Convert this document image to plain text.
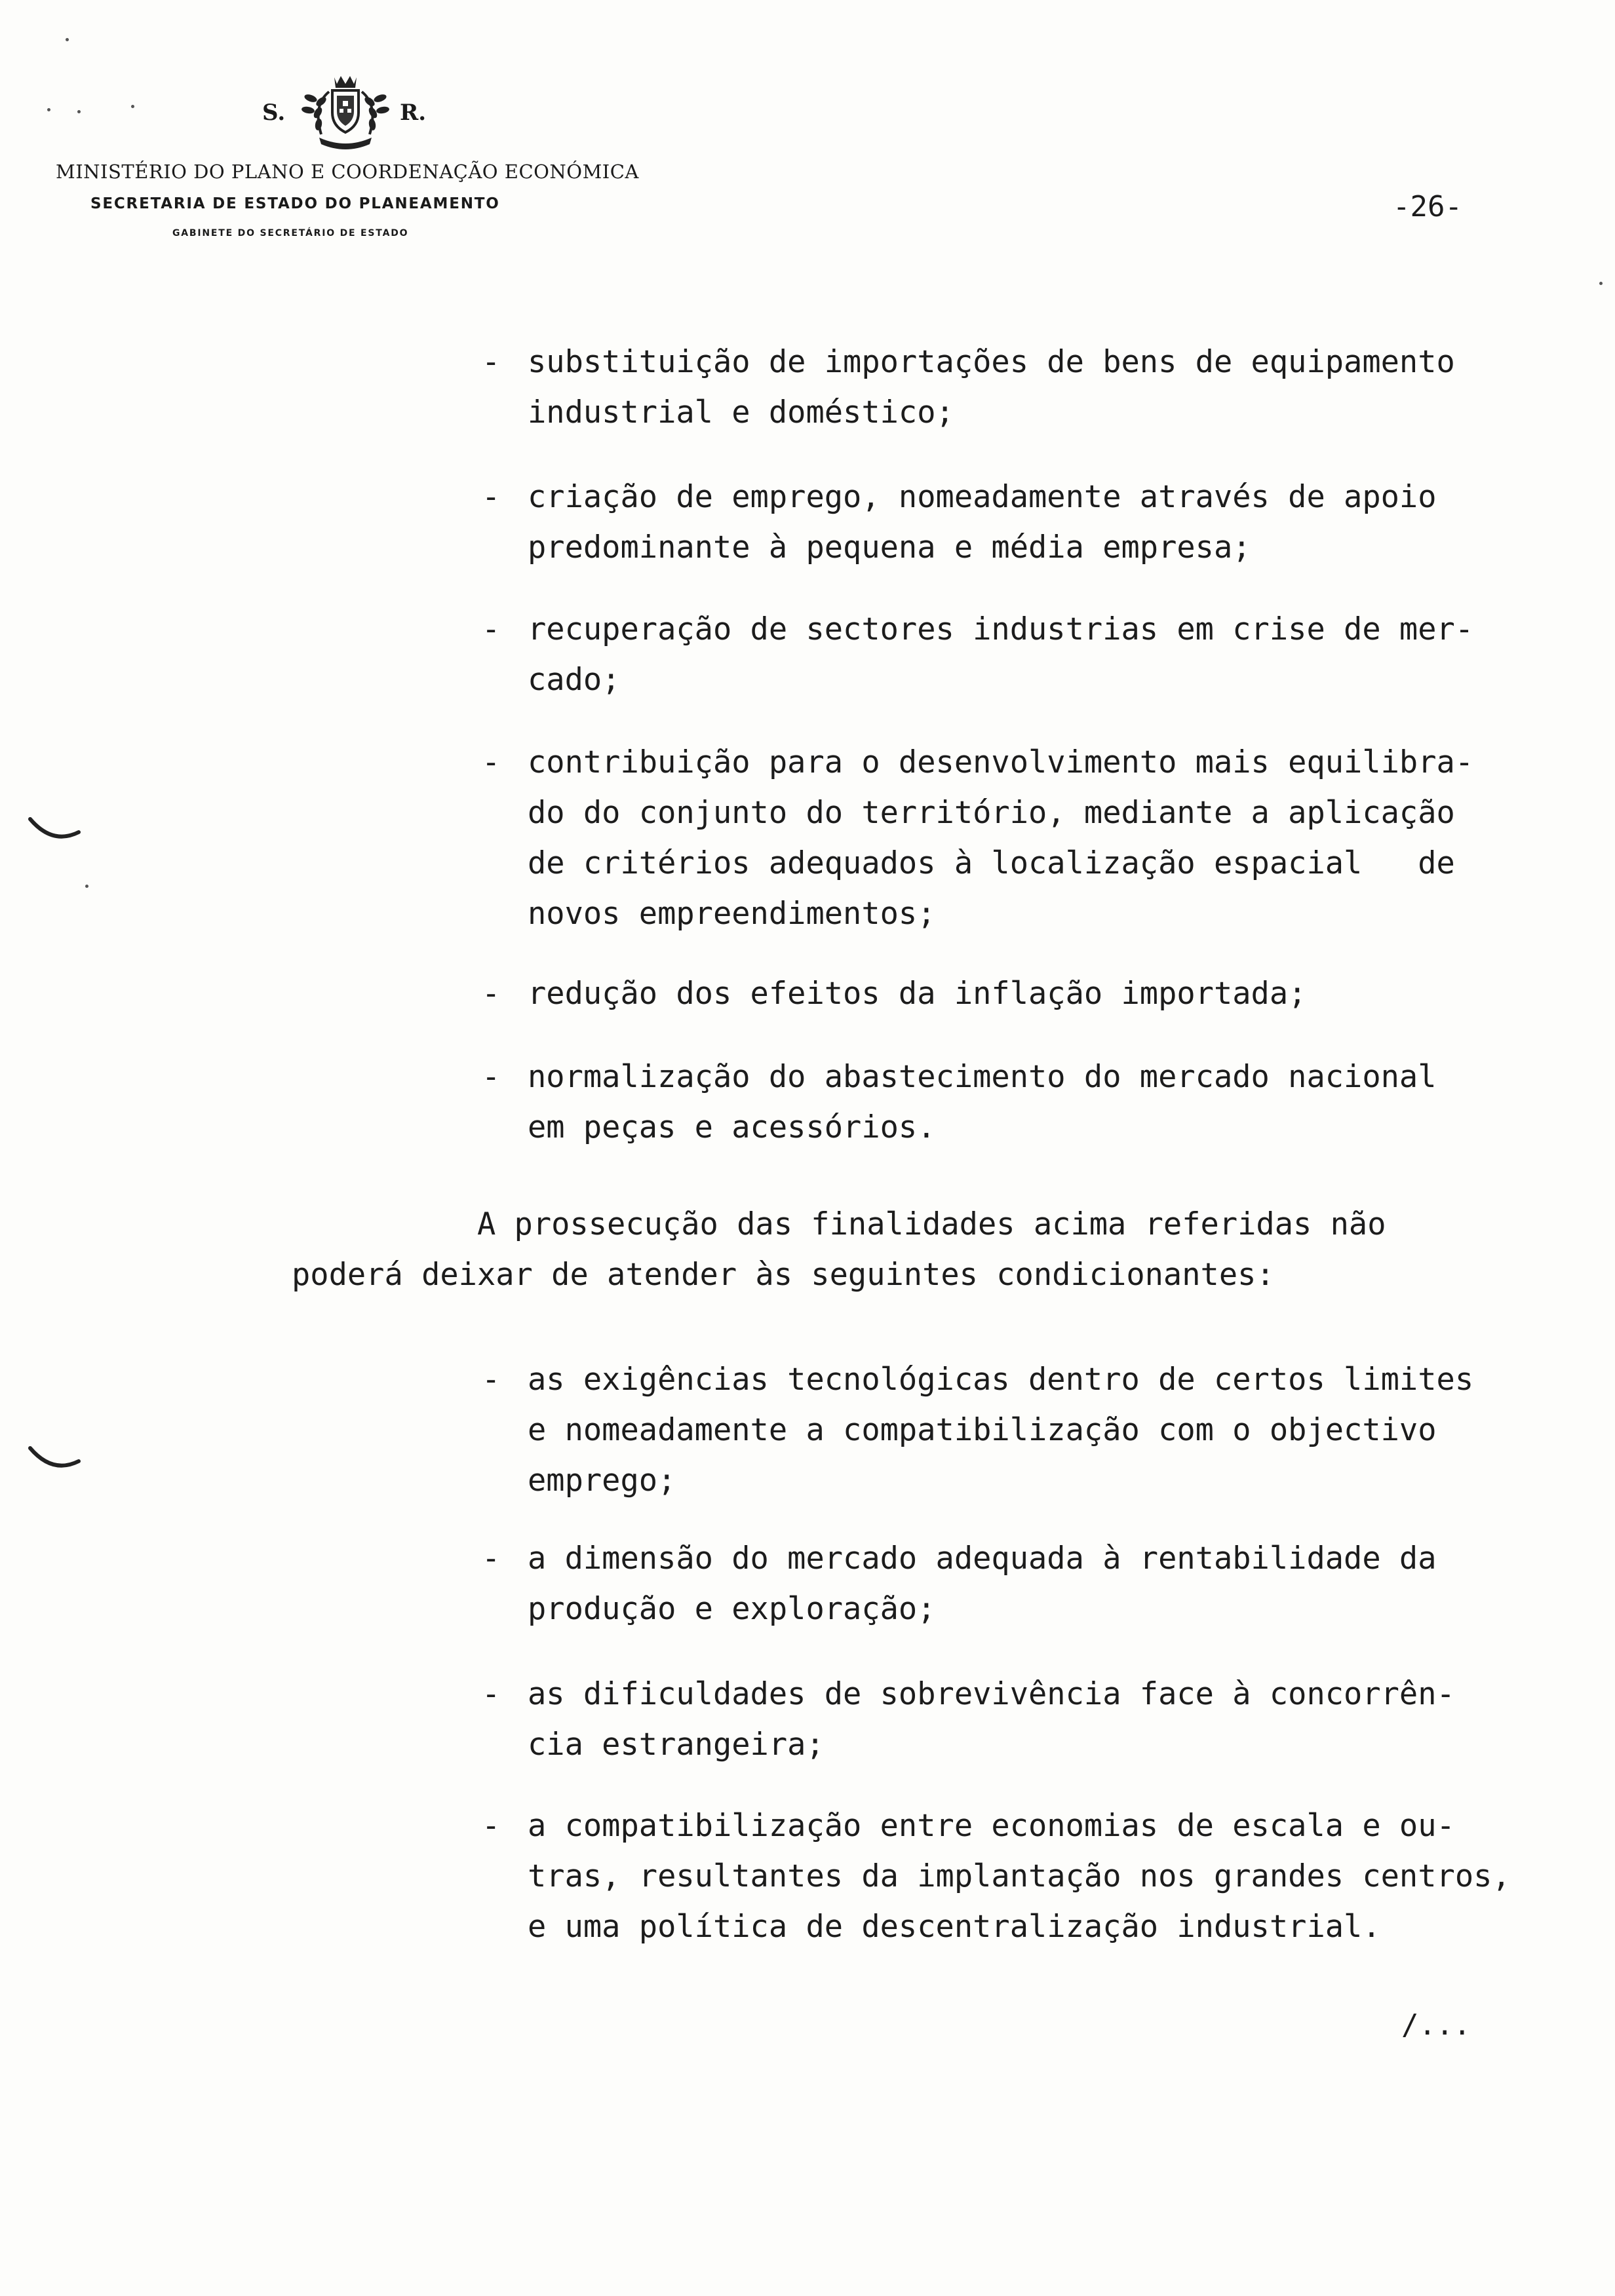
S.	R.
MINISTÉRIO DO PLANO E COORDENAÇÃO ECONÓMICA
SECRETARIA DE ESTADO DO PLANEAMENTO
GABINETE DO SECRETÁRIO DE ESTADO
-26-
- substituição de importações de bens de equipamento
industrial e doméstico;
- criação de emprego, nomeadamente através de apoio
predominante à pequena e média empresa;
- recuperação de sectores industrias em crise de mer-
cado;
- contribuição para o desenvolvimento mais equilibra-
do do conjunto do território, mediante a aplicação
de critérios adequados à localização espacial   de
novos empreendimentos;
- redução dos efeitos da inflação importada;
- normalização do abastecimento do mercado nacional
em peças e acessórios.
A prossecução das finalidades acima referidas não
poderá deixar de atender às seguintes condicionantes:
- as exigências tecnológicas dentro de certos limites
e nomeadamente a compatibilização com o objectivo
emprego;
- a dimensão do mercado adequada à rentabilidade da
produção e exploração;
- as dificuldades de sobrevivência face à concorrên-
cia estrangeira;
- a compatibilização entre economias de escala e ou-
tras, resultantes da implantação nos grandes centros,
e uma política de descentralização industrial.
/...
